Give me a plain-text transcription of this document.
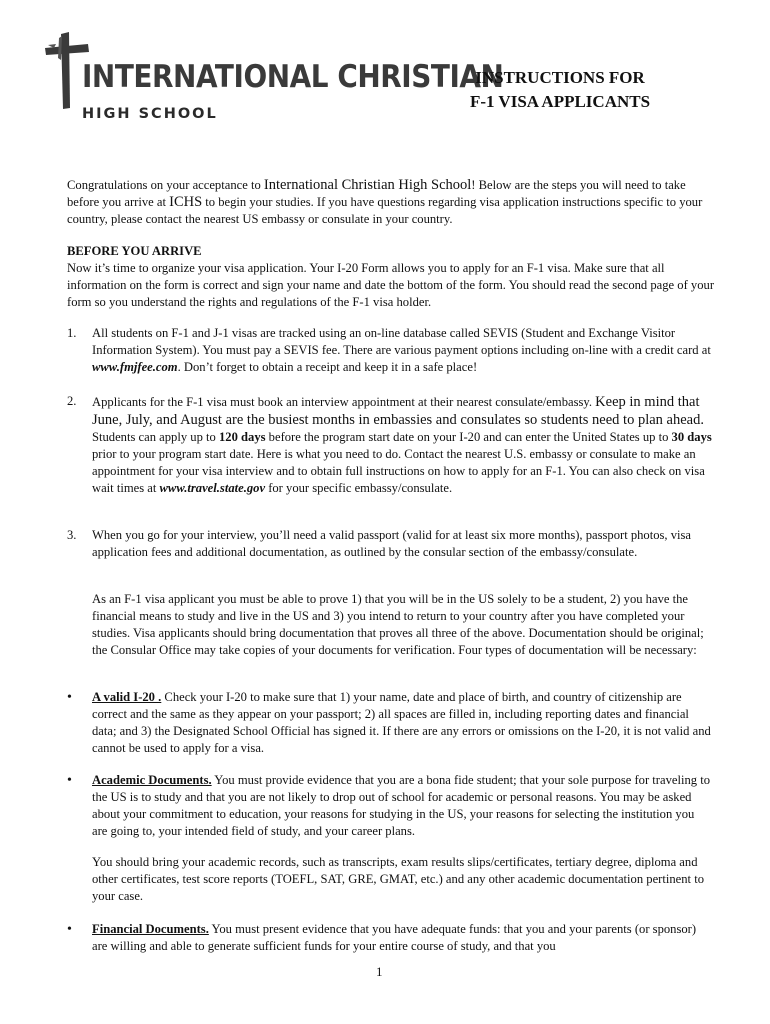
INTERNATIONAL CHRISTIAN
HIGH SCHOOL
INSTRUCTIONS FOR
F-1 VISA APPLICANTS
Congratulations on your acceptance to International Christian High School! Below are the steps you will need to take before you arrive at ICHS to begin your studies. If you have questions regarding visa application instructions specific to your country, please contact the nearest US embassy or consulate in your country.
BEFORE YOU ARRIVE
Now it’s time to organize your visa application. Your I-20 Form allows you to apply for an F-1 visa. Make sure that all information on the form is correct and sign your name and date the bottom of the form. You should read the second page of your form so you understand the rights and regulations of the F-1 visa holder.
1. All students on F-1 and J-1 visas are tracked using an on-line database called SEVIS (Student and Exchange Visitor Information System). You must pay a SEVIS fee. There are various payment options including on-line with a credit card at www.fmjfee.com. Don’t forget to obtain a receipt and keep it in a safe place!
2. Applicants for the F-1 visa must book an interview appointment at their nearest consulate/embassy. Keep in mind that June, July, and August are the busiest months in embassies and consulates so students need to plan ahead. Students can apply up to 120 days before the program start date on your I-20 and can enter the United States up to 30 days prior to your program start date. Here is what you need to do. Contact the nearest U.S. embassy or consulate to make an appointment for your visa interview and to obtain full instructions on how to apply for an F-1. You can also check on visa wait times at www.travel.state.gov for your specific embassy/consulate.
3. When you go for your interview, you’ll need a valid passport (valid for at least six more months), passport photos, visa application fees and additional documentation, as outlined by the consular section of the embassy/consulate.
As an F-1 visa applicant you must be able to prove 1) that you will be in the US solely to be a student, 2) you have the financial means to study and live in the US and 3) you intend to return to your country after you have completed your studies. Visa applicants should bring documentation that proves all three of the above. Documentation should be original; the Consular Office may take copies of your documents for verification. Four types of documentation will be necessary:
• A valid I-20 . Check your I-20 to make sure that 1) your name, date and place of birth, and country of citizenship are correct and the same as they appear on your passport; 2) all spaces are filled in, including reporting dates and financial data; and 3) the Designated School Official has signed it. If there are any errors or omissions on the I-20, it is not valid and cannot be used to apply for a visa.
• Academic Documents. You must provide evidence that you are a bona fide student; that your sole purpose for traveling to the US is to study and that you are not likely to drop out of school for academic or personal reasons. You may be asked about your commitment to education, your reasons for studying in the US, your reasons for selecting the institution you are going to, your intended field of study, and your career plans.
You should bring your academic records, such as transcripts, exam results slips/certificates, tertiary degree, diploma and other certificates, test score reports (TOEFL, SAT, GRE, GMAT, etc.) and any other academic documentation pertinent to your case.
• Financial Documents. You must present evidence that you have adequate funds: that you and your parents (or sponsor) are willing and able to generate sufficient funds for your entire course of study, and that you
1
